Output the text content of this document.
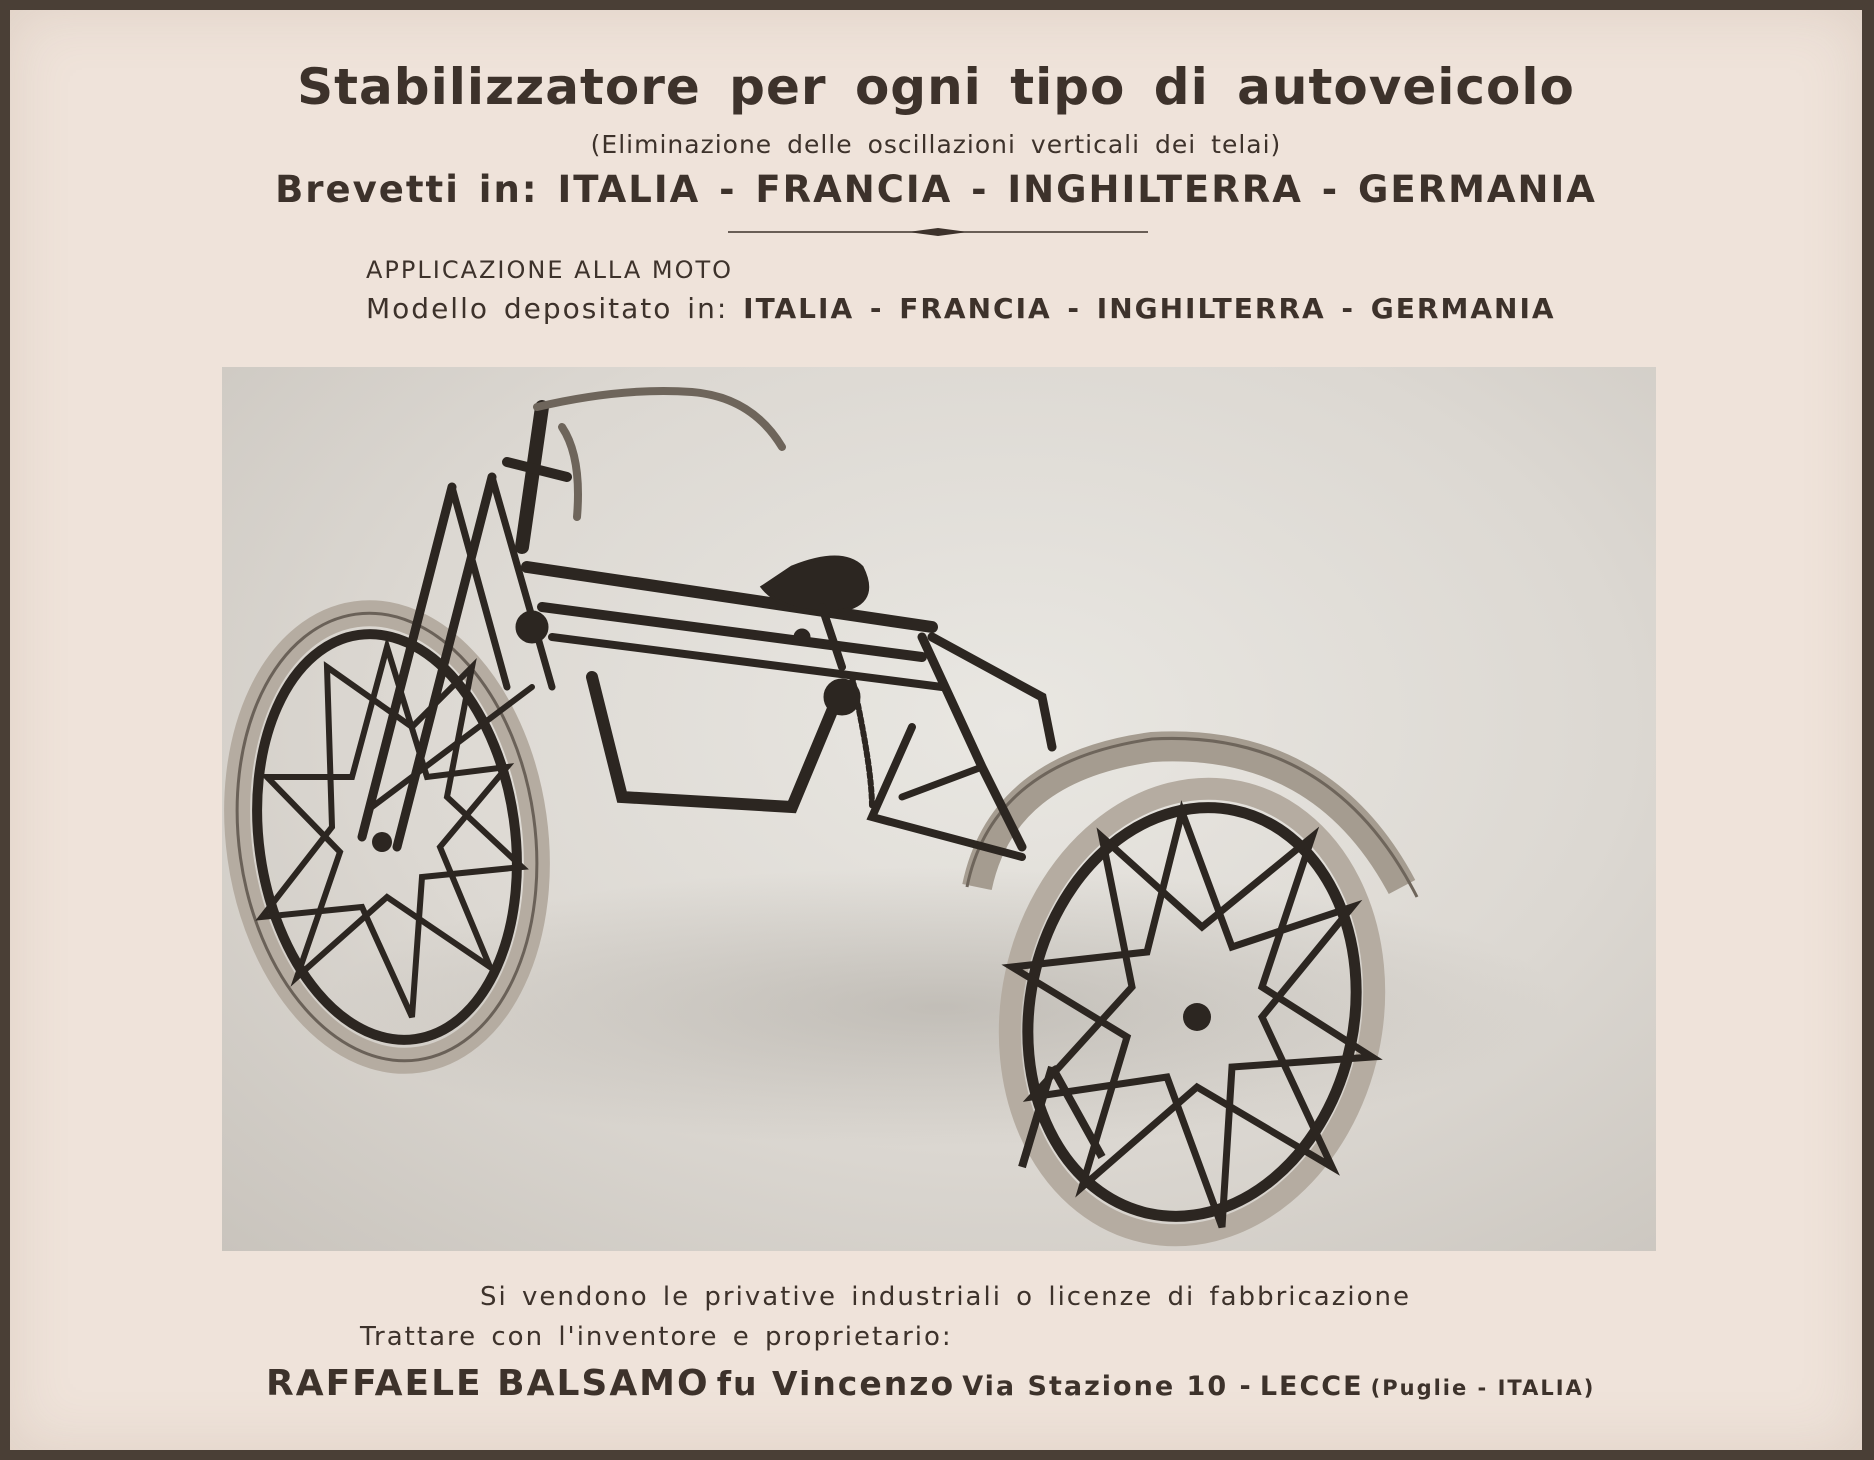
Stabilizzatore per ogni tipo di autoveicolo
(Eliminazione delle oscillazioni verticali dei telai)
Brevetti in: ITALIA - FRANCIA - INGHILTERRA - GERMANIA
APPLICAZIONE ALLA MOTO
Modello depositato in: ITALIA - FRANCIA - INGHILTERRA - GERMANIA
Si vendono le privative industriali o licenze di fabbricazione
Trattare con l'inventore e proprietario:
RAFFAELE BALSAMO fu Vincenzo Via Stazione 10 - LECCE (Puglie - ITALIA)
